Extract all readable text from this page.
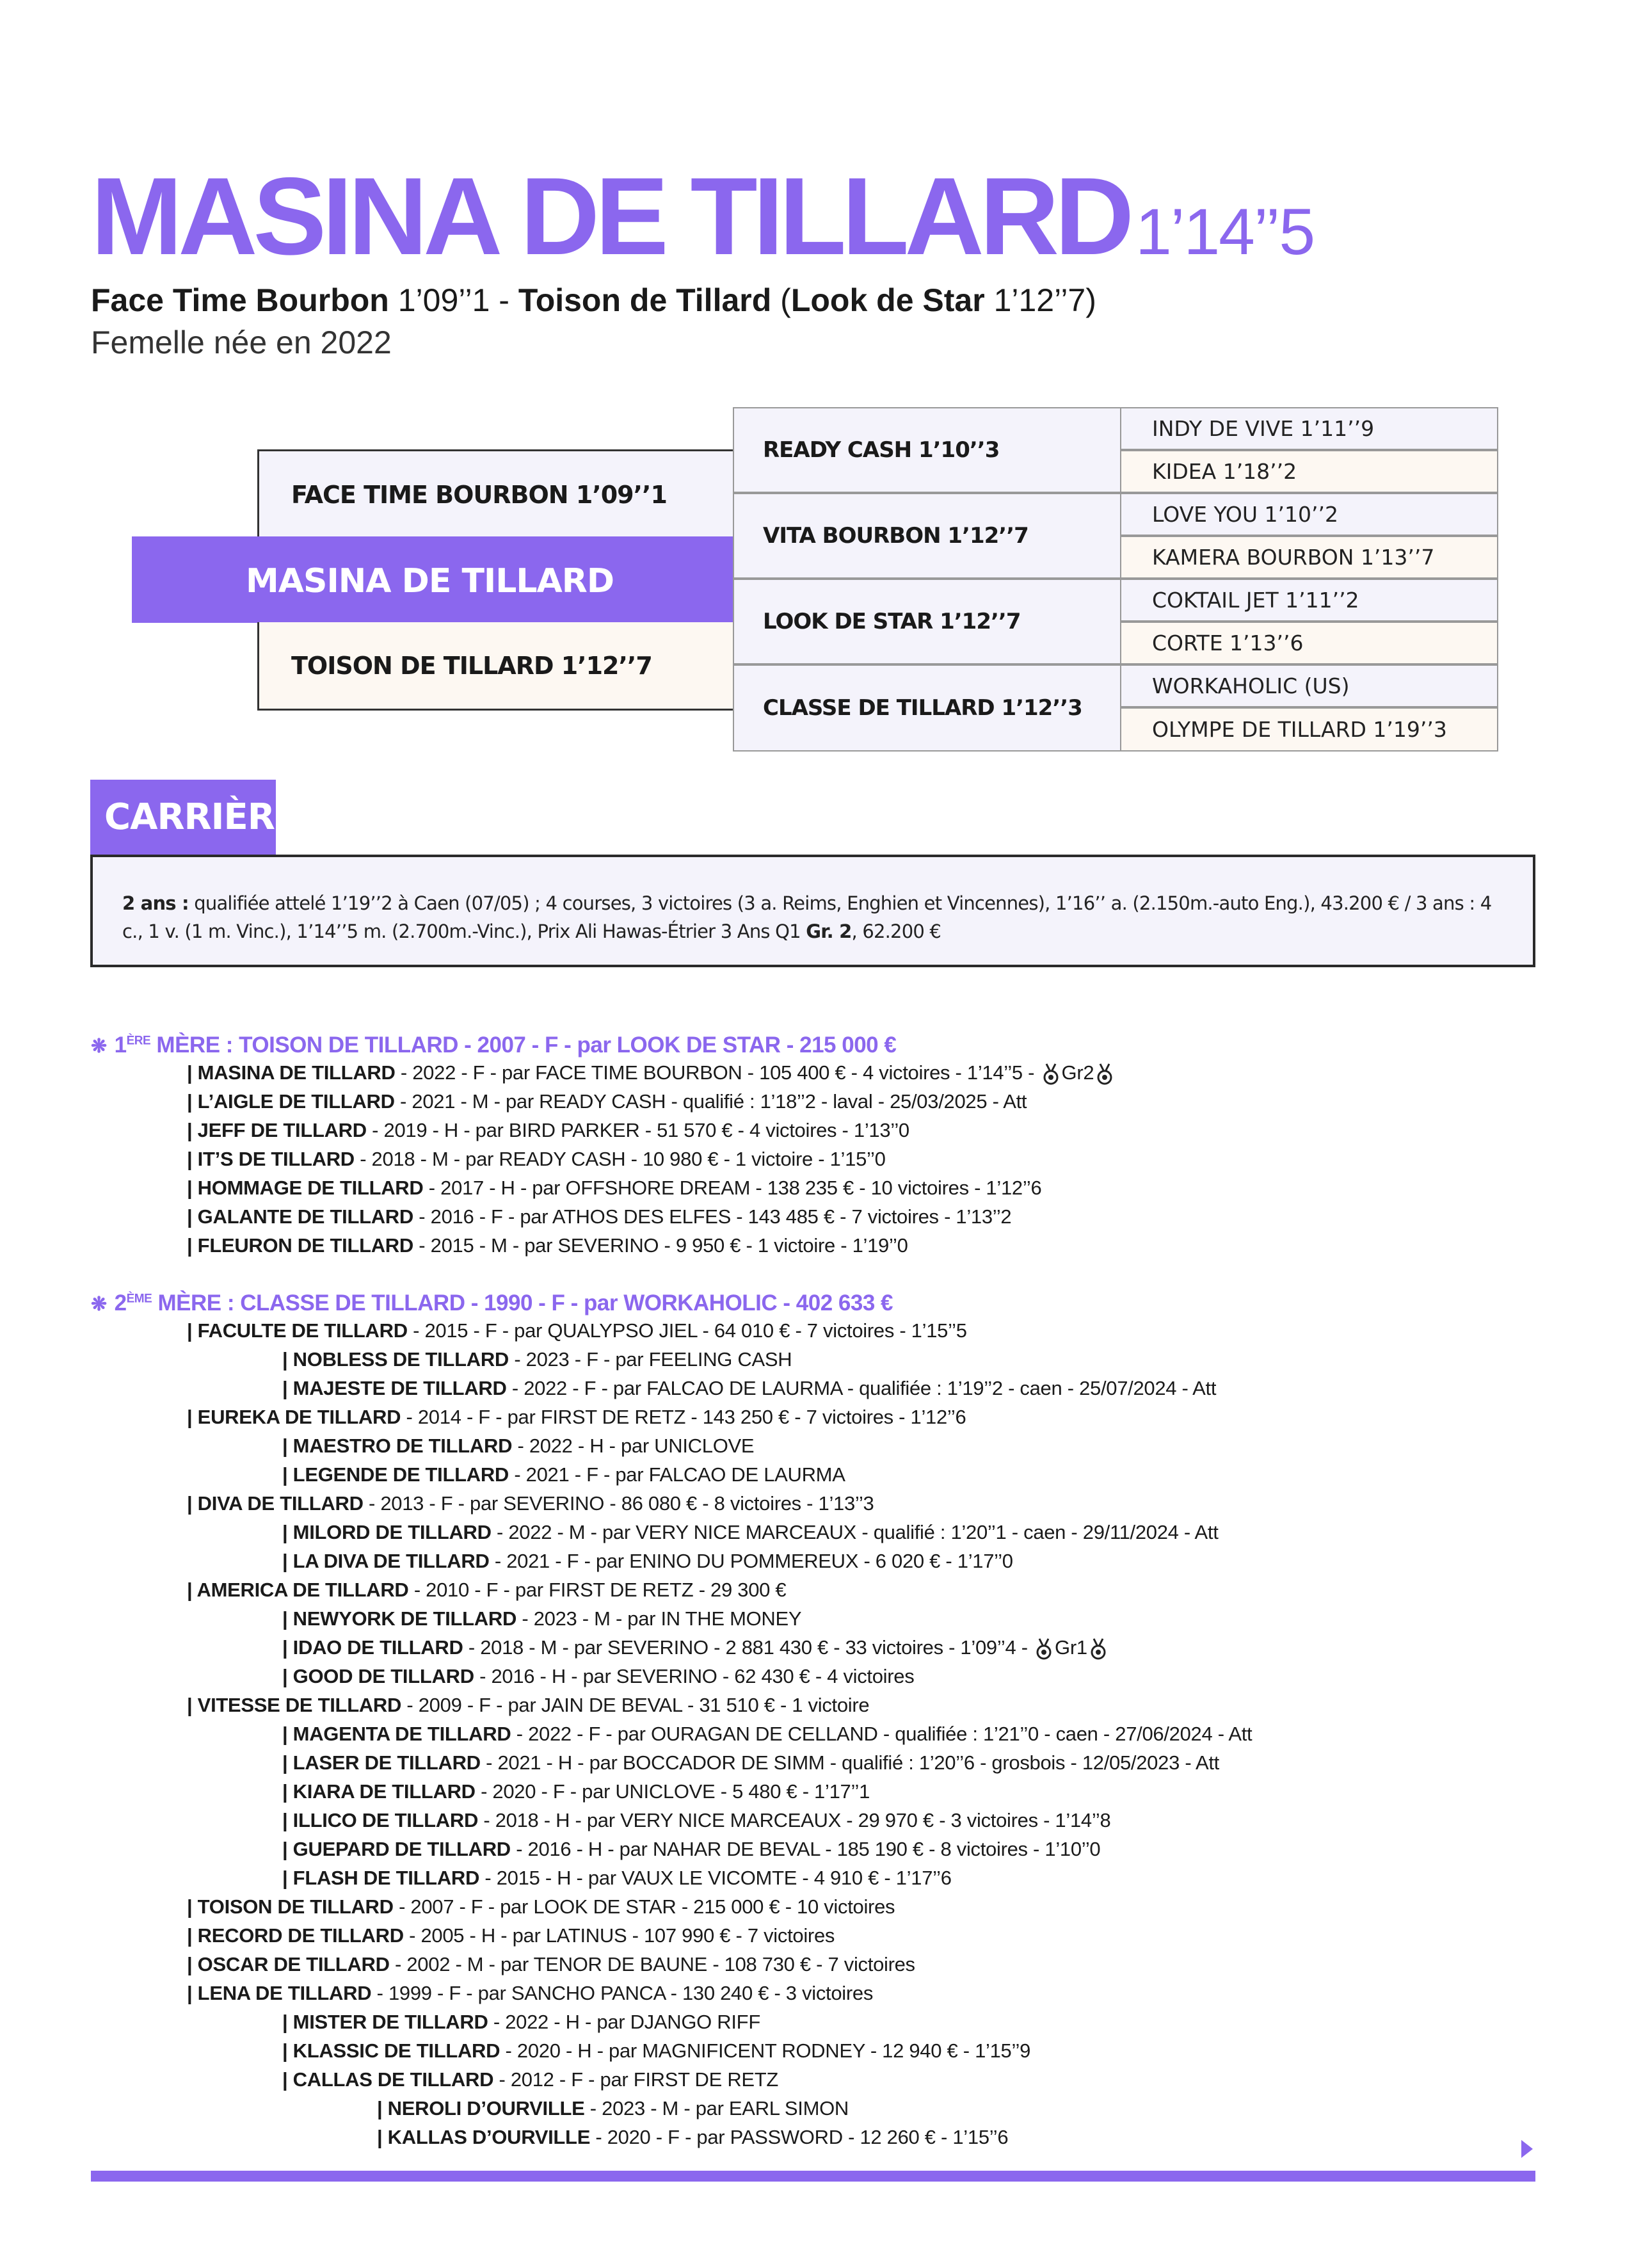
MASINA DE TILLARD 1’14’’5
Face Time Bourbon 1’09’’1 - Toison de Tillard (Look de Star 1’12’’7)
Femelle née en 2022
FACE TIME BOURBON 1’09’’1
MASINA DE TILLARD
TOISON DE TILLARD 1’12’’7
READY CASH 1’10’’3
VITA BOURBON 1’12’’7
LOOK DE STAR 1’12’’7
CLASSE DE TILLARD 1’12’’3
INDY DE VIVE 1’11’’9
KIDEA 1’18’’2
LOVE YOU 1’10’’2
KAMERA BOURBON 1’13’’7
COKTAIL JET 1’11’’2
CORTE 1’13’’6
WORKAHOLIC (US)
OLYMPE DE TILLARD 1’19’’3
CARRIÈRE
2 ans : qualifiée attelé 1’19’’2 à Caen (07/05) ; 4 courses, 3 victoires (3 a. Reims, Enghien et Vincennes), 1’16’’ a. (2.150m.-auto Eng.), 43.200 € / 3 ans : 4 c., 1 v. (1 m. Vinc.), 1’14’’5 m. (2.700m.-Vinc.), Prix Ali Hawas-Étrier 3 Ans Q1 Gr. 2, 62.200 €
❋ 1ÈRE MÈRE : TOISON DE TILLARD - 2007 - F - par LOOK DE STAR - 215 000 €
❋ 2ÈME MÈRE : CLASSE DE TILLARD - 1990 - F - par WORKAHOLIC - 402 633 €
| MASINA DE TILLARD - 2022 - F - par FACE TIME BOURBON - 105 400 € - 4 victoires - 1’14’’5 - Gr2
| L’AIGLE DE TILLARD - 2021 - M - par READY CASH - qualifié : 1’18’’2 - laval - 25/03/2025 - Att
| JEFF DE TILLARD - 2019 - H - par BIRD PARKER - 51 570 € - 4 victoires - 1’13’’0
| IT’S DE TILLARD - 2018 - M - par READY CASH - 10 980 € - 1 victoire - 1’15’’0
| HOMMAGE DE TILLARD - 2017 - H - par OFFSHORE DREAM - 138 235 € - 10 victoires - 1’12’’6
| GALANTE DE TILLARD - 2016 - F - par ATHOS DES ELFES - 143 485 € - 7 victoires - 1’13’’2
| FLEURON DE TILLARD - 2015 - M - par SEVERINO - 9 950 € - 1 victoire - 1’19’’0
| FACULTE DE TILLARD - 2015 - F - par QUALYPSO JIEL - 64 010 € - 7 victoires - 1’15’’5
| NOBLESS DE TILLARD - 2023 - F - par FEELING CASH
| MAJESTE DE TILLARD - 2022 - F - par FALCAO DE LAURMA - qualifiée : 1’19’’2 - caen - 25/07/2024 - Att
| EUREKA DE TILLARD - 2014 - F - par FIRST DE RETZ - 143 250 € - 7 victoires - 1’12’’6
| MAESTRO DE TILLARD - 2022 - H - par UNICLOVE
| LEGENDE DE TILLARD - 2021 - F - par FALCAO DE LAURMA
| DIVA DE TILLARD - 2013 - F - par SEVERINO - 86 080 € - 8 victoires - 1’13’’3
| MILORD DE TILLARD - 2022 - M - par VERY NICE MARCEAUX - qualifié : 1’20’’1 - caen - 29/11/2024 - Att
| LA DIVA DE TILLARD - 2021 - F - par ENINO DU POMMEREUX - 6 020 € - 1’17’’0
| AMERICA DE TILLARD - 2010 - F - par FIRST DE RETZ - 29 300 €
| NEWYORK DE TILLARD - 2023 - M - par IN THE MONEY
| IDAO DE TILLARD - 2018 - M - par SEVERINO - 2 881 430 € - 33 victoires - 1’09’’4 - Gr1
| GOOD DE TILLARD - 2016 - H - par SEVERINO - 62 430 € - 4 victoires
| VITESSE DE TILLARD - 2009 - F - par JAIN DE BEVAL - 31 510 € - 1 victoire
| MAGENTA DE TILLARD - 2022 - F - par OURAGAN DE CELLAND - qualifiée : 1’21’’0 - caen - 27/06/2024 - Att
| LASER DE TILLARD - 2021 - H - par BOCCADOR DE SIMM - qualifié : 1’20’’6 - grosbois - 12/05/2023 - Att
| KIARA DE TILLARD - 2020 - F - par UNICLOVE - 5 480 € - 1’17’’1
| ILLICO DE TILLARD - 2018 - H - par VERY NICE MARCEAUX - 29 970 € - 3 victoires - 1’14’’8
| GUEPARD DE TILLARD - 2016 - H - par NAHAR DE BEVAL - 185 190 € - 8 victoires - 1’10’’0
| FLASH DE TILLARD - 2015 - H - par VAUX LE VICOMTE - 4 910 € - 1’17’’6
| TOISON DE TILLARD - 2007 - F - par LOOK DE STAR - 215 000 € - 10 victoires
| RECORD DE TILLARD - 2005 - H - par LATINUS - 107 990 € - 7 victoires
| OSCAR DE TILLARD - 2002 - M - par TENOR DE BAUNE - 108 730 € - 7 victoires
| LENA DE TILLARD - 1999 - F - par SANCHO PANCA - 130 240 € - 3 victoires
| MISTER DE TILLARD - 2022 - H - par DJANGO RIFF
| KLASSIC DE TILLARD - 2020 - H - par MAGNIFICENT RODNEY - 12 940 € - 1’15’’9
| CALLAS DE TILLARD - 2012 - F - par FIRST DE RETZ
| NEROLI D’OURVILLE - 2023 - M - par EARL SIMON
| KALLAS D’OURVILLE - 2020 - F - par PASSWORD - 12 260 € - 1’15’’6
